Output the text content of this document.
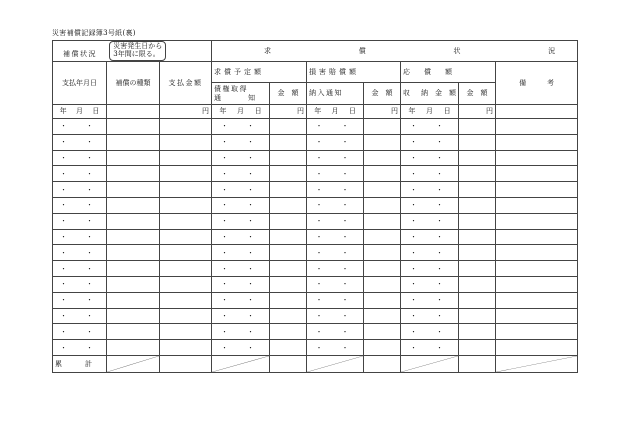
災害補償記録簿3号紙(裏)
補償状況 災害発生日から
3年間に限る。			求 償 状 況						

支払年月日	補償の種類	支払金額	求償予定額		損害賠償額		応　　償　　額		備　　　考
			債権取得
通　　　知	金　額	納入通知	金　額	収 納　金　額	金　額	

年 月 日		円	年 月 日	円	年 月 日	円	年 月 日	円	
・　・			・　・		・　・		・　・		
・　・			・　・		・　・		・　・		
・　・			・　・		・　・		・　・		
・　・			・　・		・　・		・　・		
・　・			・　・		・　・		・　・		
・　・			・　・		・　・		・　・		
・　・			・　・		・　・		・　・		
・　・			・　・		・　・		・　・		
・　・			・　・		・　・		・　・		
・　・			・　・		・　・		・　・		
・　・			・　・		・　・		・　・		
・　・			・　・		・　・		・　・		
・　・			・　・		・　・		・　・		
・　・			・　・		・　・		・　・		
・　・			・　・		・　・		・　・		
累　　計	
